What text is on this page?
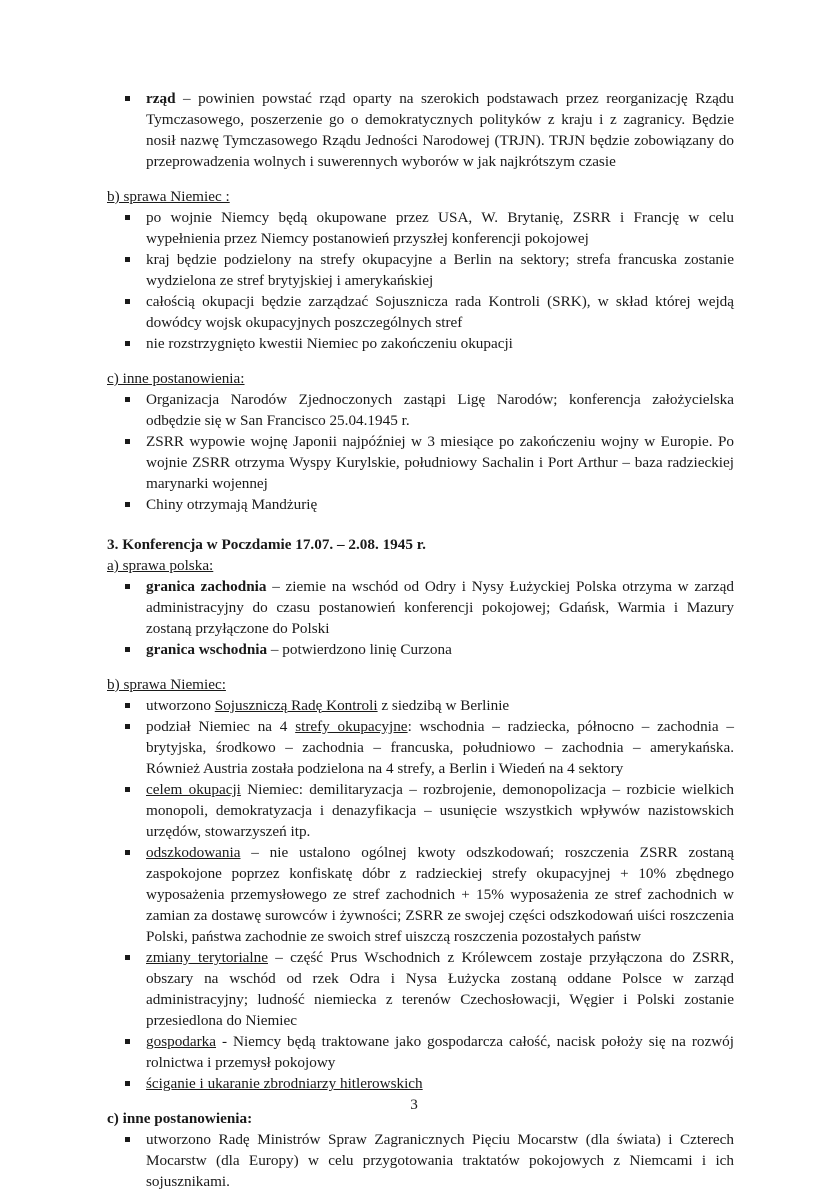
rząd – powinien powstać rząd oparty na szerokich podstawach przez reorganizację Rządu Tymczasowego, poszerzenie go o demokratycznych polityków z kraju i z zagranicy. Będzie nosił nazwę Tymczasowego Rządu Jedności Narodowej (TRJN). TRJN będzie zobowiązany do przeprowadzenia wolnych i suwerennych wyborów w jak najkrótszym czasie

b) sprawa Niemiec :

po wojnie Niemcy będą okupowane przez USA, W. Brytanię, ZSRR i Francję w celu wypełnienia przez Niemcy postanowień przyszłej konferencji pokojowej
kraj będzie podzielony na strefy okupacyjne a Berlin na sektory; strefa francuska zostanie wydzielona ze stref brytyjskiej i amerykańskiej
całością okupacji będzie zarządzać Sojusznicza rada Kontroli (SRK), w skład której wejdą dowódcy wojsk okupacyjnych poszczególnych stref
nie rozstrzygnięto kwestii Niemiec po zakończeniu okupacji

c) inne postanowienia:

Organizacja Narodów Zjednoczonych zastąpi Ligę Narodów; konferencja założycielska odbędzie się w San Francisco 25.04.1945 r.
ZSRR wypowie wojnę Japonii najpóźniej w 3 miesiące po zakończeniu wojny w Europie. Po wojnie ZSRR otrzyma Wyspy Kurylskie, południowy Sachalin i Port Arthur – baza radzieckiej marynarki wojennej
Chiny otrzymają Mandżurię

3. Konferencja w Poczdamie 17.07. – 2.08. 1945 r.

a) sprawa polska:

granica zachodnia – ziemie na wschód od Odry i Nysy Łużyckiej Polska otrzyma w zarząd administracyjny do czasu postanowień konferencji pokojowej; Gdańsk, Warmia i Mazury zostaną przyłączone do Polski
granica wschodnia – potwierdzono linię Curzona

b) sprawa Niemiec:

utworzono Sojuszniczą Radę Kontroli z siedzibą w Berlinie
podział Niemiec na 4 strefy okupacyjne: wschodnia – radziecka, północno – zachodnia – brytyjska, środkowo – zachodnia – francuska, południowo – zachodnia – amerykańska. Również Austria została podzielona na 4 strefy, a Berlin i Wiedeń na 4 sektory
celem okupacji Niemiec: demilitaryzacja – rozbrojenie, demonopolizacja – rozbicie wielkich monopoli, demokratyzacja i denazyfikacja – usunięcie wszystkich wpływów nazistowskich urzędów, stowarzyszeń itp.
odszkodowania – nie ustalono ogólnej kwoty odszkodowań; roszczenia ZSRR zostaną zaspokojone poprzez konfiskatę dóbr z radzieckiej strefy okupacyjnej + 10% zbędnego wyposażenia przemysłowego ze stref zachodnich + 15% wyposażenia ze stref zachodnich w zamian za dostawę surowców i żywności; ZSRR ze swojej części odszkodowań uiści roszczenia Polski, państwa zachodnie ze swoich stref uiszczą roszczenia pozostałych państw
zmiany terytorialne – część Prus Wschodnich z Królewcem zostaje przyłączona do ZSRR, obszary na wschód od rzek Odra i Nysa Łużycka zostaną oddane Polsce w zarząd administracyjny; ludność niemiecka z terenów Czechosłowacji, Węgier i Polski zostanie przesiedlona do Niemiec
gospodarka - Niemcy będą traktowane jako gospodarcza całość, nacisk położy się na rozwój rolnictwa i przemysł pokojowy
ściganie i ukaranie zbrodniarzy hitlerowskich

c) inne postanowienia:

utworzono Radę Ministrów Spraw Zagranicznych Pięciu Mocarstw (dla świata) i Czterech Mocarstw (dla Europy) w celu przygotowania traktatów pokojowych z Niemcami i ich sojusznikami.
3
